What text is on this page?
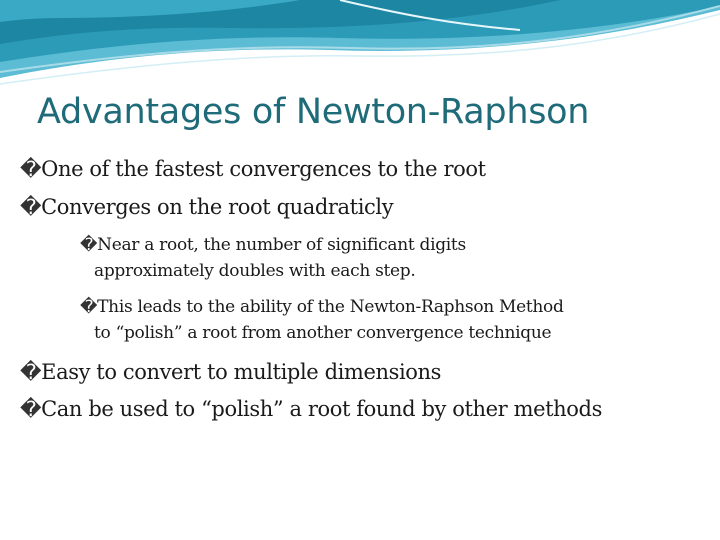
Advantages of Newton-Raphson
�One of the fastest convergences to the root
�Converges on the root quadraticly
�Near a root, the number of significant digits
approximately doubles with each step.
�This leads to the ability of the Newton-Raphson Method
to “polish” a root from another convergence technique
�Easy to convert to multiple dimensions
�Can be used to “polish” a root found by other methods
